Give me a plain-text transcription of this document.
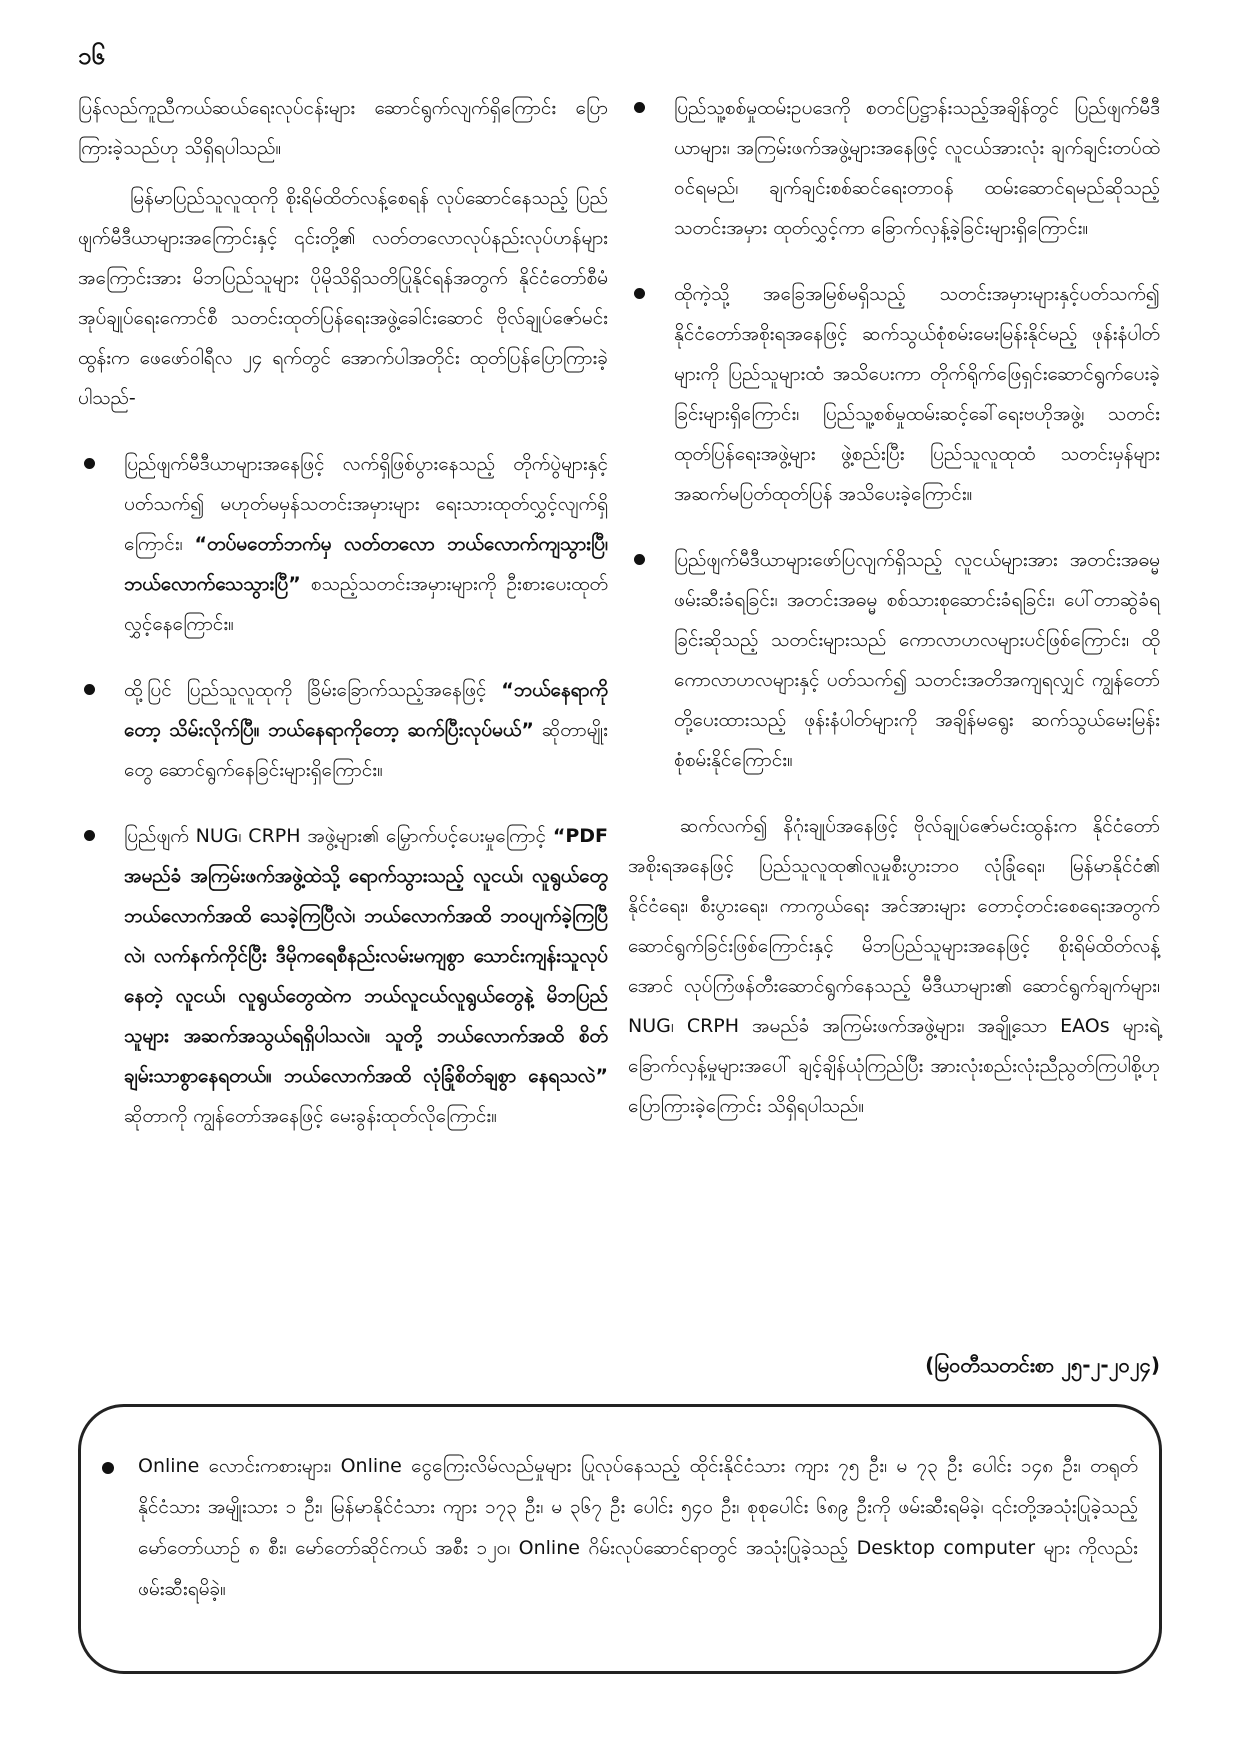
၁၆

ပြန်လည်ကူညီကယ်ဆယ်ရေးလုပ်ငန်းများ ဆောင်ရွက်လျက်ရှိကြောင်း ပြောကြားခဲ့သည်ဟု သိရှိရပါသည်။

မြန်မာပြည်သူလူထုကို စိုးရိမ်ထိတ်လန့်စေရန် လုပ်ဆောင်နေသည့် ပြည်ဖျက်မီဒီယာများအကြောင်းနှင့် ၎င်းတို့၏ လတ်တလောလုပ်နည်းလုပ်ဟန်များအကြောင်းအား မိဘပြည်သူများ ပိုမိုသိရှိသတိပြုနိုင်ရန်အတွက် နိုင်ငံတော်စီမံအုပ်ချုပ်ရေးကောင်စီ သတင်းထုတ်ပြန်ရေးအဖွဲ့ခေါင်းဆောင် ဗိုလ်ချုပ်ဇော်မင်းထွန်းက ဖေဖော်ဝါရီလ ၂၄ ရက်တွင် အောက်ပါအတိုင်း ထုတ်ပြန်ပြောကြားခဲ့ပါသည်-

ပြည်ဖျက်မီဒီယာများအနေဖြင့် လက်ရှိဖြစ်ပွားနေသည့် တိုက်ပွဲများနှင့်ပတ်သက်၍ မဟုတ်မမှန်သတင်းအမှားများ ရေးသားထုတ်လွှင့်လျက်ရှိကြောင်း၊ “တပ်မတော်ဘက်မှ လတ်တလော ဘယ်လောက်ကျသွားပြီ၊ ဘယ်လောက်သေသွားပြီ” စသည့်သတင်းအမှားများကို ဦးစားပေးထုတ်လွှင့်နေကြောင်း။
ထို့ပြင် ပြည်သူလူထုကို ခြိမ်းခြောက်သည့်အနေဖြင့် “ဘယ်နေရာကိုတော့ သိမ်းလိုက်ပြီ။ ဘယ်နေရာကိုတော့ ဆက်ပြီးလုပ်မယ်” ဆိုတာမျိုးတွေ ဆောင်ရွက်နေခြင်းများရှိကြောင်း။
ပြည်ဖျက် NUG၊ CRPH အဖွဲ့များ၏ မြှောက်ပင့်ပေးမှုကြောင့် “PDF အမည်ခံ အကြမ်းဖက်အဖွဲ့ထဲသို့ ရောက်သွားသည့် လူငယ်၊ လူရွယ်တွေ ဘယ်လောက်အထိ သေခဲ့ကြပြီလဲ၊ ဘယ်လောက်အထိ ဘဝပျက်ခဲ့ကြပြီလဲ၊ လက်နက်ကိုင်ပြီး ဒီမိုကရေစီနည်းလမ်းမကျစွာ သောင်းကျန်းသူလုပ်နေတဲ့ လူငယ်၊ လူရွယ်တွေထဲက ဘယ်လူငယ်လူရွယ်တွေနဲ့ မိဘပြည်သူများ အဆက်အသွယ်ရရှိပါသလဲ။ သူတို့ ဘယ်လောက်အထိ စိတ်ချမ်းသာစွာနေရတယ်။ ဘယ်လောက်အထိ လုံခြုံစိတ်ချစွာ နေရသလဲ” ဆိုတာကို ကျွန်တော်အနေဖြင့် မေးခွန်းထုတ်လိုကြောင်း။
ပြည်သူ့စစ်မှုထမ်းဥပဒေကို စတင်ပြဋ္ဌာန်းသည့်အချိန်တွင် ပြည်ဖျက်မီဒီယာများ၊ အကြမ်းဖက်အဖွဲ့များအနေဖြင့် လူငယ်အားလုံး ချက်ချင်းတပ်ထဲဝင်ရမည်၊ ချက်ချင်းစစ်ဆင်ရေးတာဝန် ထမ်းဆောင်ရမည်ဆိုသည့် သတင်းအမှား ထုတ်လွှင့်ကာ ခြောက်လှန့်ခဲ့ခြင်းများရှိကြောင်း။
ထိုကဲ့သို့ အခြေအမြစ်မရှိသည့် သတင်းအမှားများနှင့်ပတ်သက်၍ နိုင်ငံတော်အစိုးရအနေဖြင့် ဆက်သွယ်စုံစမ်းမေးမြန်းနိုင်မည့် ဖုန်းနံပါတ်များကို ပြည်သူများထံ အသိပေးကာ တိုက်ရိုက်ဖြေရှင်းဆောင်ရွက်ပေးခဲ့ခြင်းများရှိကြောင်း၊ ပြည်သူ့စစ်မှုထမ်းဆင့်ခေါ်ရေးဗဟိုအဖွဲ့၊ သတင်းထုတ်ပြန်ရေးအဖွဲ့များ ဖွဲ့စည်းပြီး ပြည်သူလူထုထံ သတင်းမှန်များ အဆက်မပြတ်ထုတ်ပြန် အသိပေးခဲ့ကြောင်း။
ပြည်ဖျက်မီဒီယာများဖော်ပြလျက်ရှိသည့် လူငယ်များအား အတင်းအဓမ္မ ဖမ်းဆီးခံရခြင်း၊ အတင်းအဓမ္မ စစ်သားစုဆောင်းခံရခြင်း၊ ပေါ်တာဆွဲခံရခြင်းဆိုသည့် သတင်းများသည် ကောလာဟလများပင်ဖြစ်ကြောင်း၊ ထိုကောလာဟလများနှင့် ပတ်သက်၍ သတင်းအတိအကျရလျှင် ကျွန်တော်တို့ပေးထားသည့် ဖုန်းနံပါတ်များကို အချိန်မရွေး ဆက်သွယ်မေးမြန်း စုံစမ်းနိုင်ကြောင်း။

ဆက်လက်၍ နိဂုံးချုပ်အနေဖြင့် ဗိုလ်ချုပ်ဇော်မင်းထွန်းက နိုင်ငံတော်အစိုးရအနေဖြင့် ပြည်သူလူထု၏လူမှုစီးပွားဘဝ လုံခြုံရေး၊ မြန်မာနိုင်ငံ၏ နိုင်ငံရေး၊ စီးပွားရေး၊ ကာကွယ်ရေး အင်အားများ တောင့်တင်းစေရေးအတွက် ဆောင်ရွက်ခြင်းဖြစ်ကြောင်းနှင့် မိဘပြည်သူများအနေဖြင့် စိုးရိမ်ထိတ်လန့်အောင် လုပ်ကြံဖန်တီးဆောင်ရွက်နေသည့် မီဒီယာများ၏ ဆောင်ရွက်ချက်များ၊ NUG၊ CRPH အမည်ခံ အကြမ်းဖက်အဖွဲ့များ၊ အချို့သော EAOs များရဲ့ ခြောက်လှန့်မှုများအပေါ် ချင့်ချိန်ယုံကြည်ပြီး အားလုံးစည်းလုံးညီညွတ်ကြပါစို့ဟု ပြောကြားခဲ့ကြောင်း သိရှိရပါသည်။

(မြဝတီသတင်းစာ ၂၅-၂-၂၀၂၄)
Online လောင်းကစားများ၊ Online ငွေကြေးလိမ်လည်မှုများ ပြုလုပ်နေသည့် ထိုင်းနိုင်ငံသား ကျား ၇၅ ဦး၊ မ ၇၃ ဦး ပေါင်း ၁၄၈ ဦး၊ တရုတ်နိုင်ငံသား အမျိုးသား ၁ ဦး၊ မြန်မာနိုင်ငံသား ကျား ၁၇၃ ဦး၊ မ ၃၆၇ ဦး ပေါင်း ၅၄၀ ဦး၊ စုစုပေါင်း ၆၈၉ ဦးကို ဖမ်းဆီးရမိခဲ့၊ ၎င်းတို့အသုံးပြုခဲ့သည့် မော်တော်ယာဉ် ၈ စီး၊ မော်တော်ဆိုင်ကယ် အစီး ၁၂၀၊ Online ဂိမ်းလုပ်ဆောင်ရာတွင် အသုံးပြုခဲ့သည့် Desktop computer များ ကိုလည်း ဖမ်းဆီးရမိခဲ့။
